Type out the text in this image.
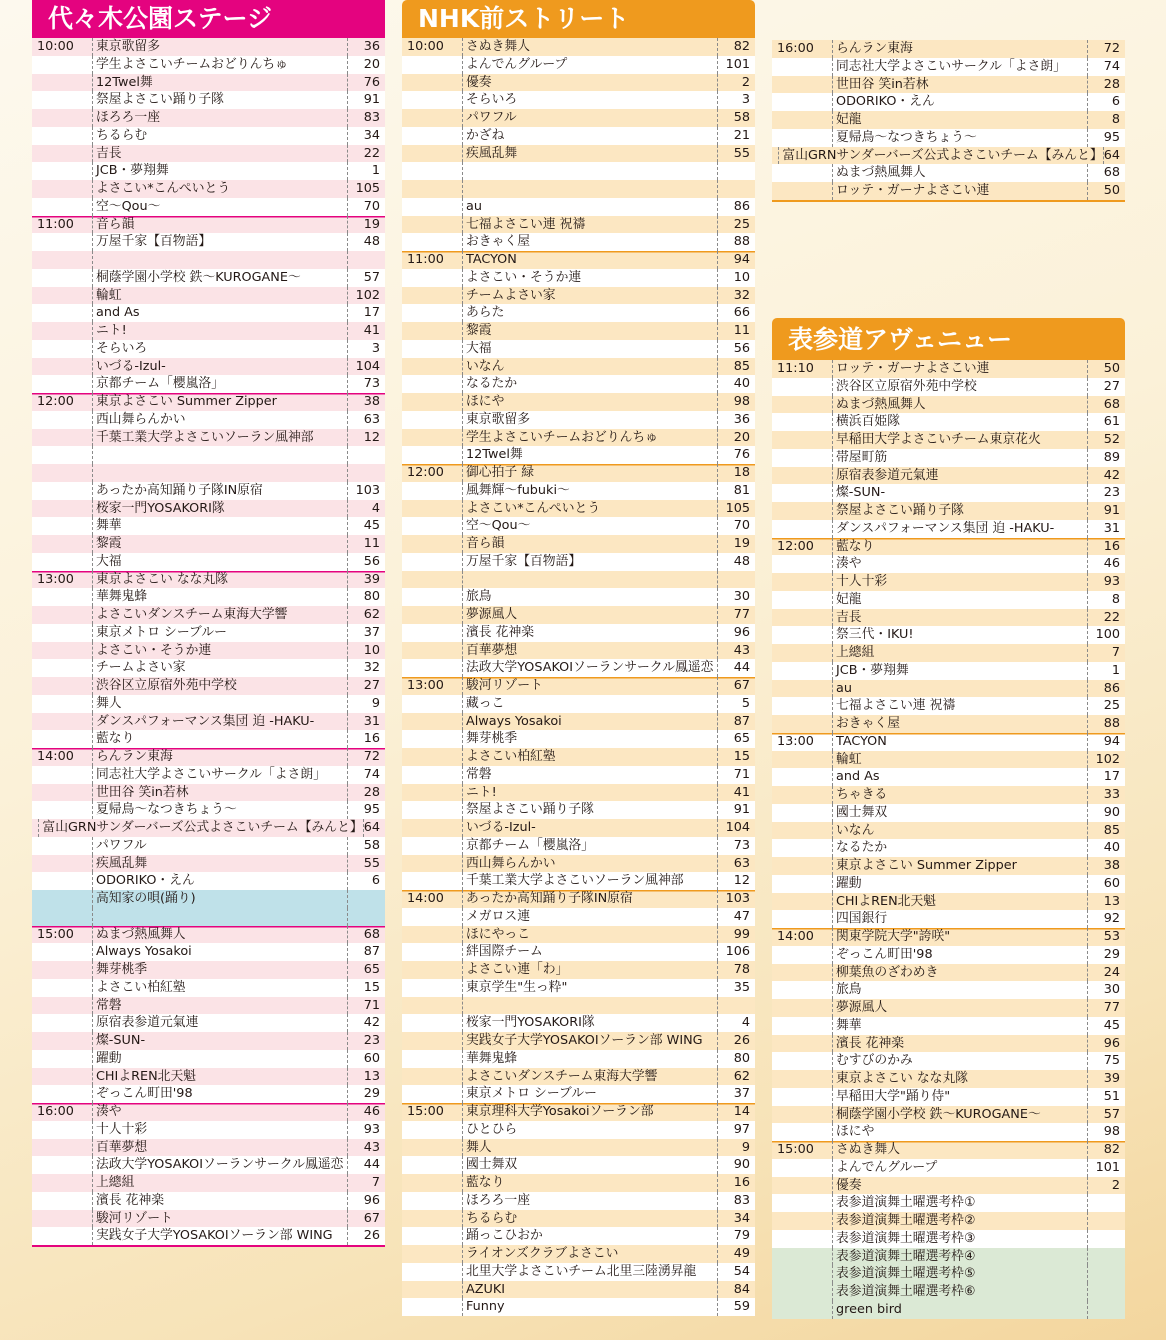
代々木公園ステージ
10:00	東京歌留多	36
学生よさこいチームおどりんちゅ	20
12Twel舞	76
祭屋よさこい踊り子隊	91
ほろろ一座	83
ちるらむ	34
吉長	22
JCB・夢翔舞	1
よさこい*こんぺいとう	105
空〜Qou〜	70
11:00	音ら韻	19
万屋千家【百物語】	48
桐蔭学園小学校 鉄〜KUROGANE〜	57
輪虹	102
and As	17
ニト!	41
そらいろ	3
いづる-Izul-	104
京都チーム「櫻嵐洛」	73
12:00	東京よさこい Summer Zipper	38
西山舞らんかい	63
千葉工業大学よさこいソーラン風神部	12
あったか高知踊り子隊IN原宿	103
桜家一門YOSAKORI隊	4
舞華	45
黎霞	11
大福	56
13:00	東京よさこい なな丸隊	39
華舞鬼蜂	80
よさこいダンスチーム東海大学響	62
東京メトロ シーブルー	37
よさこい・そうか連	10
チームよさい家	32
渋谷区立原宿外苑中学校	27
舞人	9
ダンスパフォーマンス集団 迫 -HAKU-	31
藍なり	16
14:00	らんラン東海	72
同志社大学よさこいサークル「よさ朗」	74
世田谷 笑in若林	28
夏帰鳥〜なつきちょう〜	95
富山GRNサンダーバーズ公式よさこいチーム【みんと】 64
パワフル	58
疾風乱舞	55
ODORIKO・えん	6
高知家の唄(踊り)
15:00	ぬまづ熱風舞人	68
Always Yosakoi	87
舞芽桃季	65
よさこい柏紅塾	15
常磐	71
原宿表参道元氣連	42
燦-SUN-	23
躍動	60
CHIよREN北天魁	13
ぞっこん町田'98	29
16:00	湊や	46
十人十彩	93
百華夢想	43
法政大学YOSAKOIソーランサークル鳳遥恋	44
上總組	7
濱長 花神楽	96
駿河リゾート	67
実践女子大学YOSAKOIソーラン部 WING	26
NHK前ストリート
10:00	さぬき舞人	82
よんでんグループ	101
優奏	2
そらいろ	3
パワフル	58
かざね	21
疾風乱舞	55
au	86
七福よさこい連 祝禱	25
おきゃく屋	88
11:00	TACYON	94
よさこい・そうか連	10
チームよさい家	32
あらた	66
黎霞	11
大福	56
いなん	85
なるたか	40
ほにや	98
東京歌留多	36
学生よさこいチームおどりんちゅ	20
12Twel舞	76
12:00	御心拍子 緑	18
風舞輝〜fubuki〜	81
よさこい*こんぺいとう	105
空〜Qou〜	70
音ら韻	19
万屋千家【百物語】	48
旅鳥	30
夢源風人	77
濱長 花神楽	96
百華夢想	43
法政大学YOSAKOIソーランサークル鳳遥恋	44
13:00	駿河リゾート	67
藏っこ	5
Always Yosakoi	87
舞芽桃季	65
よさこい柏紅塾	15
常磐	71
ニト!	41
祭屋よさこい踊り子隊	91
いづる-Izul-	104
京都チーム「櫻嵐洛」	73
西山舞らんかい	63
千葉工業大学よさこいソーラン風神部	12
14:00	あったか高知踊り子隊IN原宿	103
メガロス連	47
ほにやっこ	99
絆国際チーム	106
よさこい連「わ」	78
東京学生"生っ粋"	35
桜家一門YOSAKORI隊	4
実践女子大学YOSAKOIソーラン部 WING	26
華舞鬼蜂	80
よさこいダンスチーム東海大学響	62
東京メトロ シーブルー	37
15:00	東京理科大学Yosakoiソーラン部	14
ひとひら	97
舞人	9
國士舞双	90
藍なり	16
ほろろ一座	83
ちるらむ	34
踊っこひおか	79
ライオンズクラブよさこい	49
北里大学よさこいチーム北里三陸湧昇龍	54
AZUKI	84
Funny	59
16:00	らんラン東海	72
同志社大学よさこいサークル「よさ朗」	74
世田谷 笑in若林	28
ODORIKO・えん	6
妃龍	8
夏帰鳥〜なつきちょう〜	95
富山GRNサンダーバーズ公式よさこいチーム【みんと】 64
ぬまづ熱風舞人	68
ロッテ・ガーナよさこい連	50
表参道アヴェニュー
11:10	ロッテ・ガーナよさこい連	50
渋谷区立原宿外苑中学校	27
ぬまづ熱風舞人	68
横浜百姫隊	61
早稲田大学よさこいチーム東京花火	52
帯屋町筋	89
原宿表参道元氣連	42
燦-SUN-	23
祭屋よさこい踊り子隊	91
ダンスパフォーマンス集団 迫 -HAKU-	31
12:00	藍なり	16
湊や	46
十人十彩	93
妃龍	8
吉長	22
祭三代・IKU!	100
上總組	7
JCB・夢翔舞	1
au	86
七福よさこい連 祝禱	25
おきゃく屋	88
13:00	TACYON	94
輪虹	102
and As	17
ちゃきる	33
國士舞双	90
いなん	85
なるたか	40
東京よさこい Summer Zipper	38
躍動	60
CHIよREN北天魁	13
四国銀行	92
14:00	関東学院大学"誇咲"	53
ぞっこん町田'98	29
柳葉魚のざわめき	24
旅鳥	30
夢源風人	77
舞華	45
濱長 花神楽	96
むすびのかみ	75
東京よさこい なな丸隊	39
早稲田大学"踊り侍"	51
桐蔭学園小学校 鉄〜KUROGANE〜	57
ほにや	98
15:00	さぬき舞人	82
よんでんグループ	101
優奏	2
表参道演舞土曜選考枠①
表参道演舞土曜選考枠②
表参道演舞土曜選考枠③
表参道演舞土曜選考枠④
表参道演舞土曜選考枠⑤
表参道演舞土曜選考枠⑥
green bird
